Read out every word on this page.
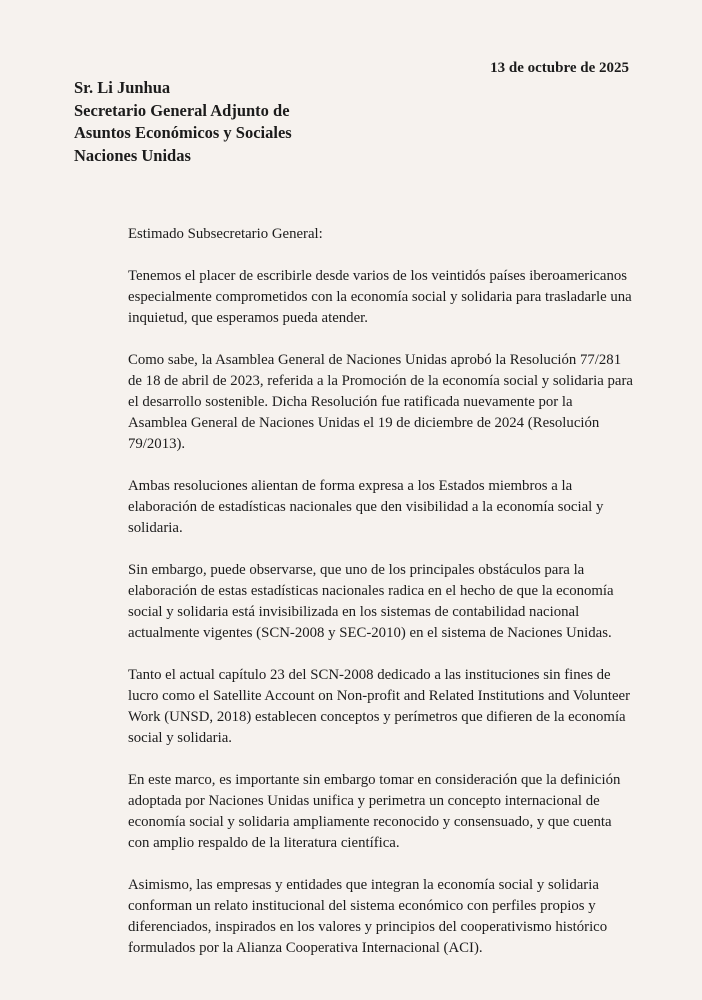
13 de octubre de 2025
Sr. Li Junhua
Secretario General Adjunto de
Asuntos Económicos y Sociales
Naciones Unidas

Estimado Subsecretario General:

Tenemos el placer de escribirle desde varios de los veintidós países iberoamericanos especialmente comprometidos con la economía social y solidaria para trasladarle una inquietud, que esperamos pueda atender.

Como sabe, la Asamblea General de Naciones Unidas aprobó la Resolución 77/281 de 18 de abril de 2023, referida a la Promoción de la economía social y solidaria para el desarrollo sostenible. Dicha Resolución fue ratificada nuevamente por la Asamblea General de Naciones Unidas el 19 de diciembre de 2024 (Resolución 79/2013).

Ambas resoluciones alientan de forma expresa a los Estados miembros a la elaboración de estadísticas nacionales que den visibilidad a la economía social y solidaria.

Sin embargo, puede observarse, que uno de los principales obstáculos para la elaboración de estas estadísticas nacionales radica en el hecho de que la economía social y solidaria está invisibilizada en los sistemas de contabilidad nacional actualmente vigentes (SCN-2008 y SEC-2010) en el sistema de Naciones Unidas.

Tanto el actual capítulo 23 del SCN-2008 dedicado a las instituciones sin fines de lucro como el Satellite Account on Non-profit and Related Institutions and Volunteer Work (UNSD, 2018) establecen conceptos y perímetros que difieren de la economía social y solidaria.

En este marco, es importante sin embargo tomar en consideración que la definición adoptada por Naciones Unidas unifica y perimetra un concepto internacional de economía social y solidaria ampliamente reconocido y consensuado, y que cuenta con amplio respaldo de la literatura científica.

Asimismo, las empresas y entidades que integran la economía social y solidaria conforman un relato institucional del sistema económico con perfiles propios y diferenciados, inspirados en los valores y principios del cooperativismo histórico formulados por la Alianza Cooperativa Internacional (ACI).
